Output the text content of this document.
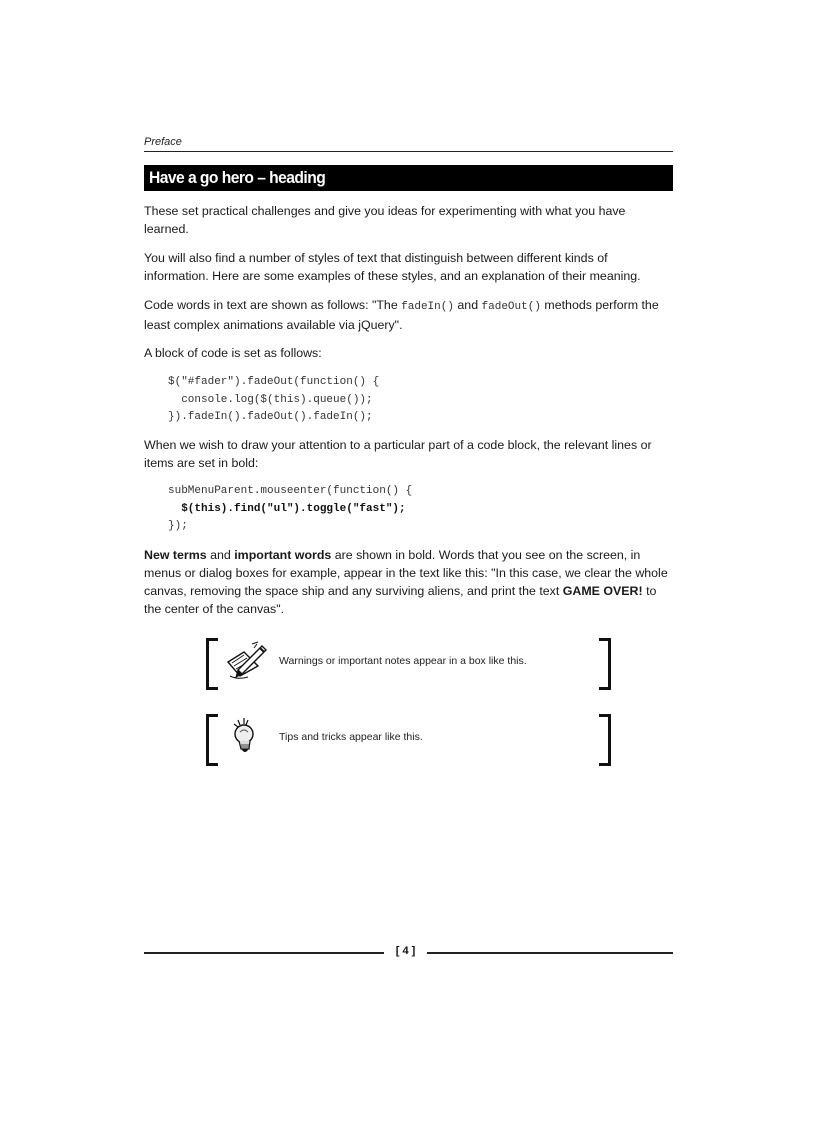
Preface
Have a go hero – heading

These set practical challenges and give you ideas for experimenting with what you have learned.

You will also find a number of styles of text that distinguish between different kinds of information. Here are some examples of these styles, and an explanation of their meaning.

Code words in text are shown as follows: "The fadeIn() and fadeOut() methods perform the least complex animations available via jQuery".

A block of code is set as follows:

$("#fader").fadeOut(function() {
console.log($(this).queue());
}).fadeIn().fadeOut().fadeIn();

When we wish to draw your attention to a particular part of a code block, the relevant lines or items are set in bold:

subMenuParent.mouseenter(function() {
$(this).find("ul").toggle("fast");
});

New terms and important words are shown in bold. Words that you see on the screen, in menus or dialog boxes for example, appear in the text like this: "In this case, we clear the whole canvas, removing the space ship and any surviving aliens, and print the text GAME OVER! to the center of the canvas".

Warnings or important notes appear in a box like this.
Tips and tricks appear like this.
[ 4 ]
